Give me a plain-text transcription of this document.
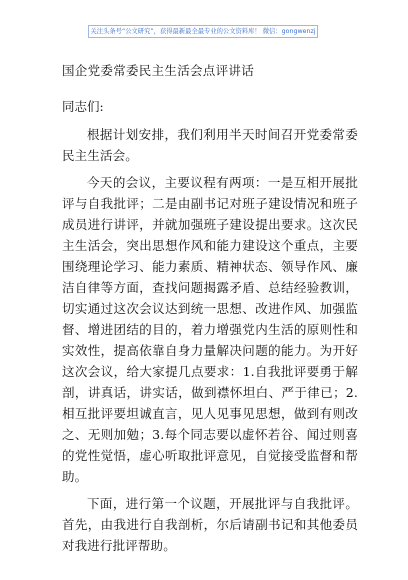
关注头条号“公文研究”，获得最新最全最专业的公文资料库！ 微信：gongwenzj
国企党委常委民主生活会点评讲话
同志们:

根据计划安排，我们利用半天时间召开党委常委民主生活会。

今天的会议，主要议程有两项：一是互相开展批评与自我批评；二是由副书记对班子建设情况和班子成员进行讲评，并就加强班子建设提出要求。这次民主生活会，突出思想作风和能力建设这个重点，主要围绕理论学习、能力素质、精神状态、领导作风、廉洁自律等方面，查找问题揭露矛盾、总结经验教训，切实通过这次会议达到统一思想、改进作风、加强监督、增进团结的目的，着力增强党内生活的原则性和实效性，提高依靠自身力量解决问题的能力。为开好这次会议，给大家提几点要求：1.自我批评要勇于解剖，讲真话，讲实话，做到襟怀坦白、严于律已；2.相互批评要坦诚直言，见人见事见思想，做到有则改之、无则加勉；3.每个同志要以虚怀若谷、闻过则喜的党性觉悟，虚心听取批评意见，自觉接受监督和帮助。

下面，进行第一个议题，开展批评与自我批评。首先，由我进行自我剖析，尔后请副书记和其他委员对我进行批评帮助。
